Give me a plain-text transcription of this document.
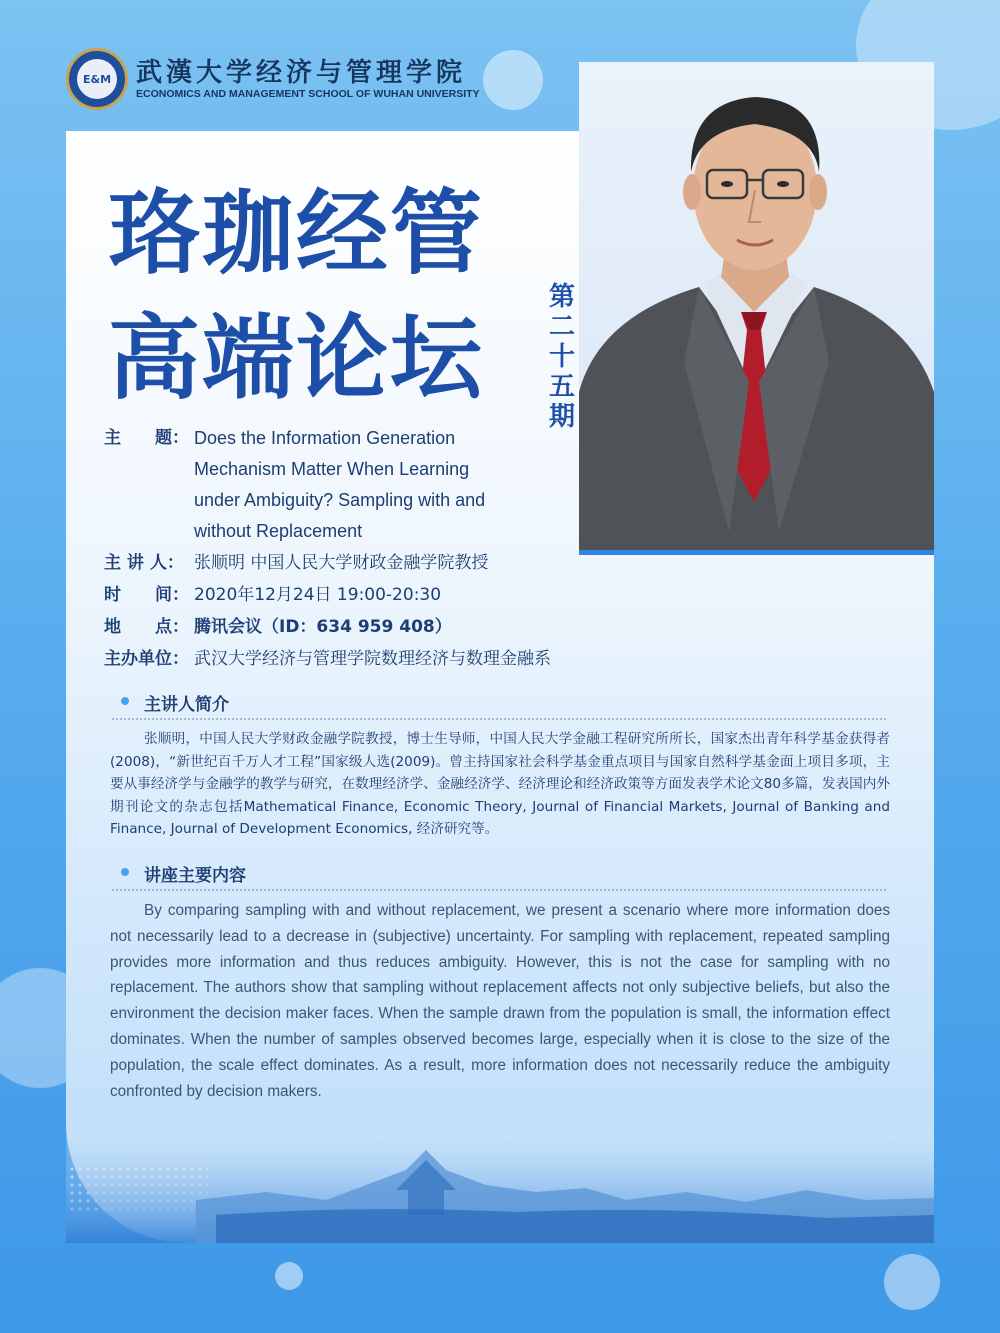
E&M 武漢大学经济与管理学院
ECONOMICS AND MANAGEMENT SCHOOL OF WUHAN UNIVERSITY
珞珈经管
高端论坛
第
二
十
五
期
主　　题： Does the Information Generation
Mechanism Matter When Learning
under Ambiguity? Sampling with and
without Replacement
主 讲 人： 张顺明 中国人民大学财政金融学院教授
时　　间： 2020年12月24日 19:00-20:30
地　　点： 腾讯会议（ID：634 959 408）
主办单位： 武汉大学经济与管理学院数理经济与数理金融系
主讲人简介
张顺明，中国人民大学财政金融学院教授，博士生导师，中国人民大学金融工程研究所所长，国家杰出青年科学基金获得者(2008)，“新世纪百千万人才工程”国家级人选(2009)。曾主持国家社会科学基金重点项目与国家自然科学基金面上项目多项，主要从事经济学与金融学的教学与研究，在数理经济学、金融经济学、经济理论和经济政策等方面发表学术论文80多篇，发表国内外期刊论文的杂志包括Mathematical Finance, Economic Theory, Journal of Financial Markets, Journal of Banking and Finance, Journal of Development Economics, 经济研究等。
讲座主要内容
By comparing sampling with and without replacement, we present a scenario where more information does not necessarily lead to a decrease in (subjective) uncertainty. For sampling with replacement, repeated sampling provides more information and thus reduces ambiguity. However, this is not the case for sampling with no replacement. The authors show that sampling without replacement affects not only subjective beliefs, but also the environment the decision maker faces. When the sample drawn from the population is small, the information effect dominates. When the number of samples observed becomes large, especially when it is close to the size of the population, the scale effect dominates. As a result, more information does not necessarily reduce the ambiguity confronted by decision makers.
